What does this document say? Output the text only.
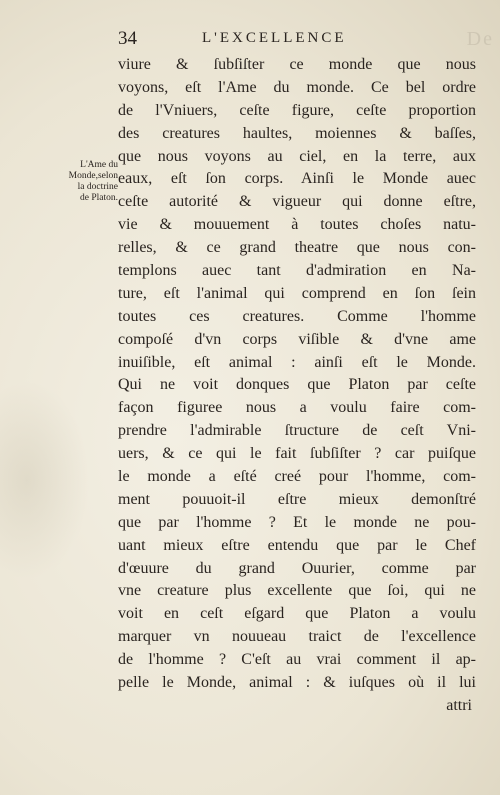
De
34	L'EXCELLENCE
L'Ame du
Monde,selon
la doctrine
de Platon.
viure & ſubſiſter ce monde que nous
voyons, eſt l'Ame du monde. Ce bel ordre
de l'Vniuers, ceſte figure, ceſte proportion
des creatures haultes, moiennes & baſſes,
que nous voyons au ciel, en la terre, aux
eaux, eſt ſon corps. Ainſi le Monde auec
ceſte autorité & vigueur qui donne eſtre,
vie & mouuement à toutes choſes natu-
relles, & ce grand theatre que nous con-
templons auec tant d'admiration en Na-
ture, eſt l'animal qui comprend en ſon ſein
toutes ces creatures. Comme l'homme
compoſé d'vn corps viſible & d'vne ame
inuiſible, eſt animal : ainſi eſt le Monde.
Qui ne voit donques que Platon par ceſte
façon figuree nous a voulu faire com-
prendre l'admirable ſtructure de ceſt Vni-
uers, & ce qui le fait ſubſiſter ? car puiſque
le monde a eſté creé pour l'homme, com-
ment pouuoit-il eſtre mieux demonſtré
que par l'homme ? Et le monde ne pou-
uant mieux eſtre entendu que par le Chef
d'œuure du grand Ouurier, comme par
vne creature plus excellente que ſoi, qui ne
voit en ceſt eſgard que Platon a voulu
marquer vn nouueau traict de l'excellence
de l'homme ? C'eſt au vrai comment il ap-
pelle le Monde, animal : & iuſques où il lui
attri
